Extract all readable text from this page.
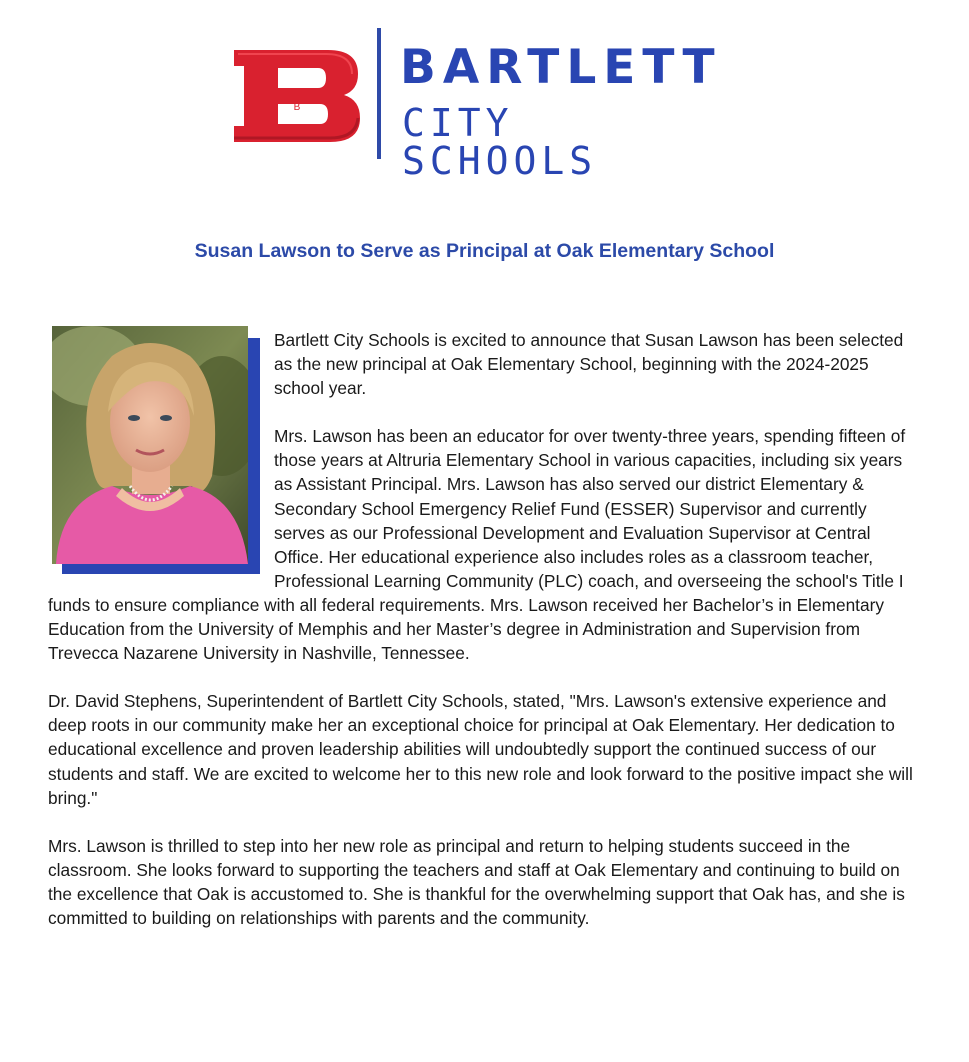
B
BARTLETT
CITY SCHOOLS
Susan Lawson to Serve as Principal at Oak Elementary School

Bartlett City Schools is excited to announce that Susan Lawson has been selected as the new principal at Oak Elementary School, beginning with the 2024-2025 school year.

Mrs. Lawson has been an educator for over twenty-three years, spending fifteen of those years at Altruria Elementary School in various capacities, including six years as Assistant Principal. Mrs. Lawson has also served our district Elementary & Secondary School Emergency Relief Fund (ESSER) Supervisor and currently serves as our Professional Development and Evaluation Supervisor at Central Office. Her educational experience also includes roles as a classroom teacher, Professional Learning Community (PLC) coach, and overseeing the school's Title I funds to ensure compliance with all federal requirements. Mrs. Lawson received her Bachelor’s in Elementary Education from the University of Memphis and her Master’s degree in Administration and Supervision from Trevecca Nazarene University in Nashville, Tennessee.

Dr. David Stephens, Superintendent of Bartlett City Schools, stated, "Mrs. Lawson's extensive experience and deep roots in our community make her an exceptional choice for principal at Oak Elementary. Her dedication to educational excellence and proven leadership abilities will undoubtedly support the continued success of our students and staff. We are excited to welcome her to this new role and look forward to the positive impact she will bring."

Mrs. Lawson is thrilled to step into her new role as principal and return to helping students succeed in the classroom. She looks forward to supporting the teachers and staff at Oak Elementary and continuing to build on the excellence that Oak is accustomed to. She is thankful for the overwhelming support that Oak has, and she is committed to building on relationships with parents and the community.
